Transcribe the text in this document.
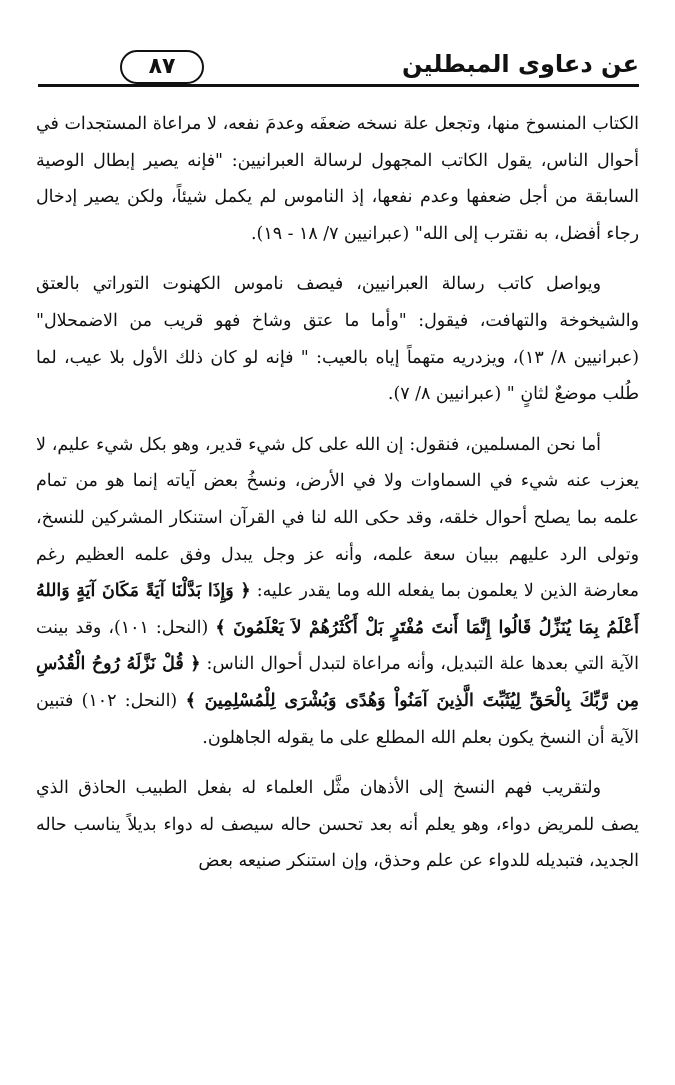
عن دعاوى المبطلين
٨٧

الكتاب المنسوخ منها، وتجعل علة نسخه ضعفَه وعدمَ نفعه، لا مراعاة المستجدات في أحوال الناس، يقول الكاتب المجهول لرسالة العبرانيين: "فإنه يصير إبطال الوصية السابقة من أجل ضعفها وعدم نفعها، إذ الناموس لم يكمل شيئاً، ولكن يصير إدخال رجاء أفضل، به نقترب إلى الله" (عبرانيين ٧/ ١٨ - ١٩).

ويواصل كاتب رسالة العبرانيين، فيصف ناموس الكهنوت التوراتي بالعتق والشيخوخة والتهافت، فيقول: "وأما ما عتق وشاخ فهو قريب من الاضمحلال" (عبرانيين ٨/ ١٣)، ويزدريه متهماً إياه بالعيب: " فإنه لو كان ذلك الأول بلا عيب، لما طُلب موضعٌ لثانٍ " (عبرانيين ٨/ ٧).

أما نحن المسلمين، فنقول: إن الله على كل شيء قدير، وهو بكل شيء عليم، لا يعزب عنه شيء في السماوات ولا في الأرض، ونسخُ بعض آياته إنما هو من تمام علمه بما يصلح أحوال خلقه، وقد حكى الله لنا في القرآن استنكار المشركين للنسخ، وتولى الرد عليهم ببيان سعة علمه، وأنه عز وجل يبدل وفق علمه العظيم رغم معارضة الذين لا يعلمون بما يفعله الله وما يقدر عليه: ﴿ وَإِذَا بَدَّلْنَا آيَةً مَكَانَ آيَةٍ وَاللهُ أَعْلَمُ بِمَا يُنَزِّلُ قَالُوا إِنَّمَا أَنتَ مُفْتَرٍ بَلْ أَكْثَرُهُمْ لاَ يَعْلَمُونَ ﴾ (النحل: ١٠١)، وقد بينت الآية التي بعدها علة التبديل، وأنه مراعاة لتبدل أحوال الناس: ﴿ قُلْ نَزَّلَهُ رُوحُ الْقُدُسِ مِن رَّبِّكَ بِالْحَقِّ لِيُثَبِّتَ الَّذِينَ آمَنُواْ وَهُدًى وَبُشْرَى لِلْمُسْلِمِينَ ﴾ (النحل: ١٠٢) فتبين الآية أن النسخ يكون بعلم الله المطلع على ما يقوله الجاهلون.

ولتقريب فهم النسخ إلى الأذهان مثَّل العلماء له بفعل الطبيب الحاذق الذي يصف للمريض دواء، وهو يعلم أنه بعد تحسن حاله سيصف له دواء بديلاً يناسب حاله الجديد، فتبديله للدواء عن علم وحذق، وإن استنكر صنيعه بعض
